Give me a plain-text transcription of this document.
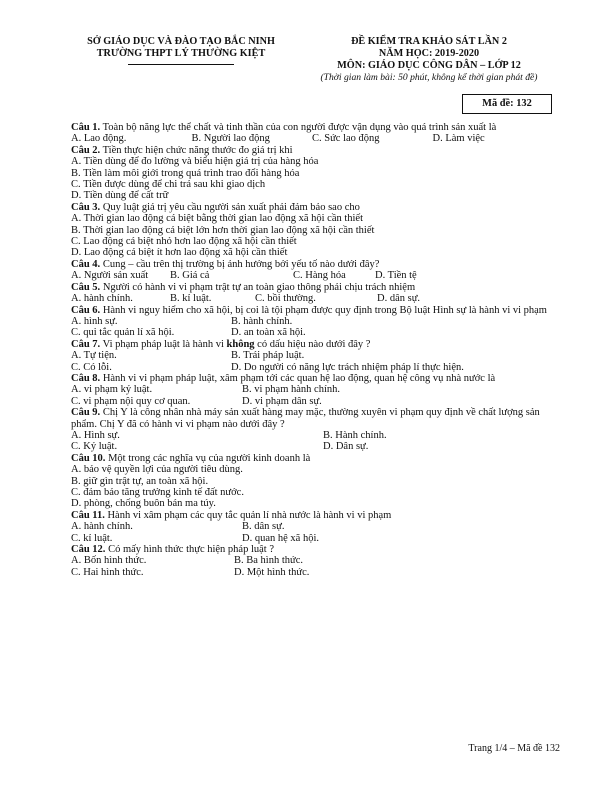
SỞ GIÁO DỤC VÀ ĐÀO TẠO BẮC NINH
TRƯỜNG THPT LÝ THƯỜNG KIỆT
ĐỀ KIỂM TRA KHẢO SÁT LẦN 2
NĂM HỌC: 2019-2020
MÔN: GIÁO DỤC CÔNG DÂN – LỚP 12
(Thời gian làm bài: 50 phút, không kể thời gian phát đề)
Mã đề: 132
Câu 1. Toàn bộ năng lực thể chất và tinh thần của con người được vận dụng vào quá trình sản xuất là
A. Lao động.	B. Người lao động	C. Sức lao động	D. Làm việc
Câu 2. Tiền thực hiện chức năng thước đo giá trị khi
A. Tiền dùng để đo lường và biểu hiện giá trị của hàng hóa
B. Tiền làm môi giới trong quá trình trao đổi hàng hóa
C. Tiền được dùng để chi trả sau khi giao dịch
D. Tiền dùng để cất trữ
Câu 3. Quy luật giá trị yêu cầu người sản xuất phải đảm bảo sao cho
A. Thời gian lao động cá biệt bằng thời gian lao động xã hội cần thiết
B. Thời gian lao động cá biệt lớn hơn thời gian lao động xã hội cần thiết
C. Lao động cá biệt nhỏ hơn lao động xã hội cần thiết
D. Lao động cá biệt ít hơn lao động xã hội cần thiết
Câu 4. Cung – cầu trên thị trường bị ảnh hưởng bởi yếu tố nào dưới đây?
A. Người sản xuất	B. Giá cả	C. Hàng hóa	D. Tiền tệ
Câu 5. Người có hành vi vi phạm trật tự an toàn giao thông phải chịu trách nhiệm
A. hành chính.	B. kỉ luật.	C. bồi thường.	D. dân sự.
Câu 6. Hành vi nguy hiểm cho xã hội, bị coi là tội phạm được quy định trong Bộ luật Hình sự là hành vi vi phạm
A. hình sự.	B. hành chính.
C. qui tắc quản lí xã hội.	D. an toàn xã hội.
Câu 7. Vi phạm pháp luật là hành vi không có dấu hiệu nào dưới đây ?
A. Tự tiện.	B. Trái pháp luật.
C. Có lỗi.	D. Do người có năng lực trách nhiệm pháp lí thực hiện.
Câu 8. Hành vi vi phạm pháp luật, xâm phạm tới các quan hệ lao động, quan hệ công vụ nhà nước là
A. vi phạm kỷ luật.	B. vi phạm hành chính.
C. vi phạm nội quy cơ quan.	D. vi phạm dân sự.
Câu 9. Chị Y là công nhân nhà máy sản xuất hàng may mặc, thường xuyên vi phạm quy định về chất lượng sản phẩm. Chị Y đã có hành vi vi phạm nào dưới đây ?
A. Hình sự.	B. Hành chính.
C. Kỷ luật.	D. Dân sự.
Câu 10. Một trong các nghĩa vụ của người kinh doanh là
A. bảo vệ quyền lợi của người tiêu dùng.
B. giữ gìn trật tự, an toàn xã hội.
C. đảm bảo tăng trưởng kinh tế đất nước.
D. phòng, chống buôn bán ma túy.
Câu 11. Hành vi xâm phạm các quy tắc quản lí nhà nước là hành vi vi phạm
A. hành chính.	B. dân sự.
C. kỉ luật.	D. quan hệ xã hội.
Câu 12. Có mấy hình thức thực hiện pháp luật ?
A. Bốn hình thức.	B. Ba hình thức.
C. Hai hình thức.	D. Một hình thức.
Trang 1/4 – Mã đề 132
